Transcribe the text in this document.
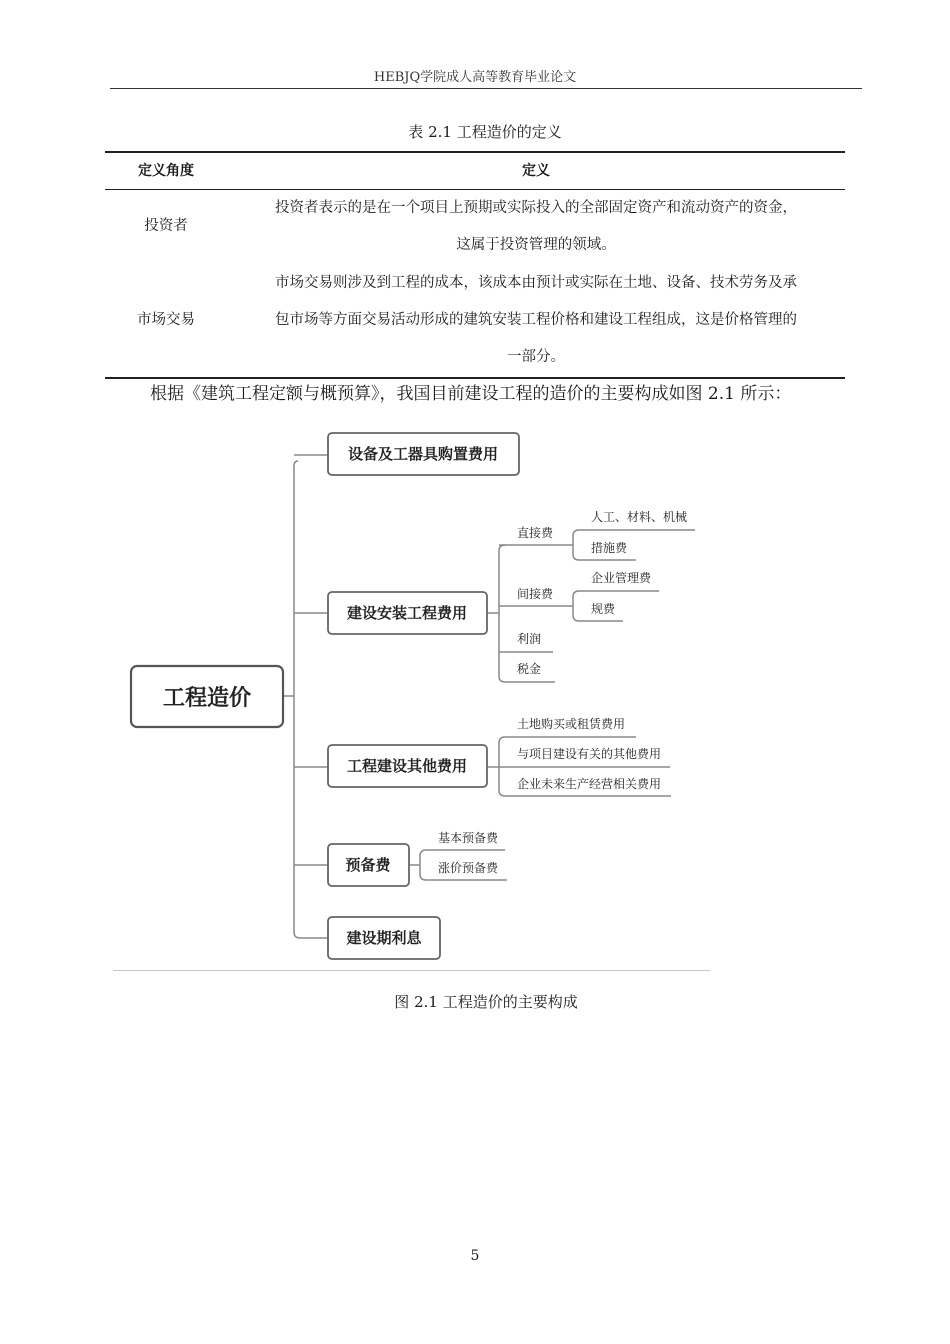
HEBJQ学院成人高等教育毕业论文
表 2.1 工程造价的定义
定义角度	定义
投资者
投资者表示的是在一个项目上预期或实际投入的全部固定资产和流动资产的资金，
这属于投资管理的领域。
市场交易
市场交易则涉及到工程的成本，该成本由预计或实际在土地、设备、技术劳务及承
包市场等方面交易活动形成的建筑安装工程价格和建设工程组成，这是价格管理的
一部分。
根据《建筑工程定额与概预算》，我国目前建设工程的造价的主要构成如图 2.1 所示：
工程造价
设备及工器具购置费用
建设安装工程费用
工程建设其他费用
预备费
建设期利息
直接费
人工、材料、机械
措施费
间接费
企业管理费
规费
利润
税金
土地购买或租赁费用
与项目建设有关的其他费用
企业未来生产经营相关费用
基本预备费
涨价预备费
图 2.1 工程造价的主要构成
5
